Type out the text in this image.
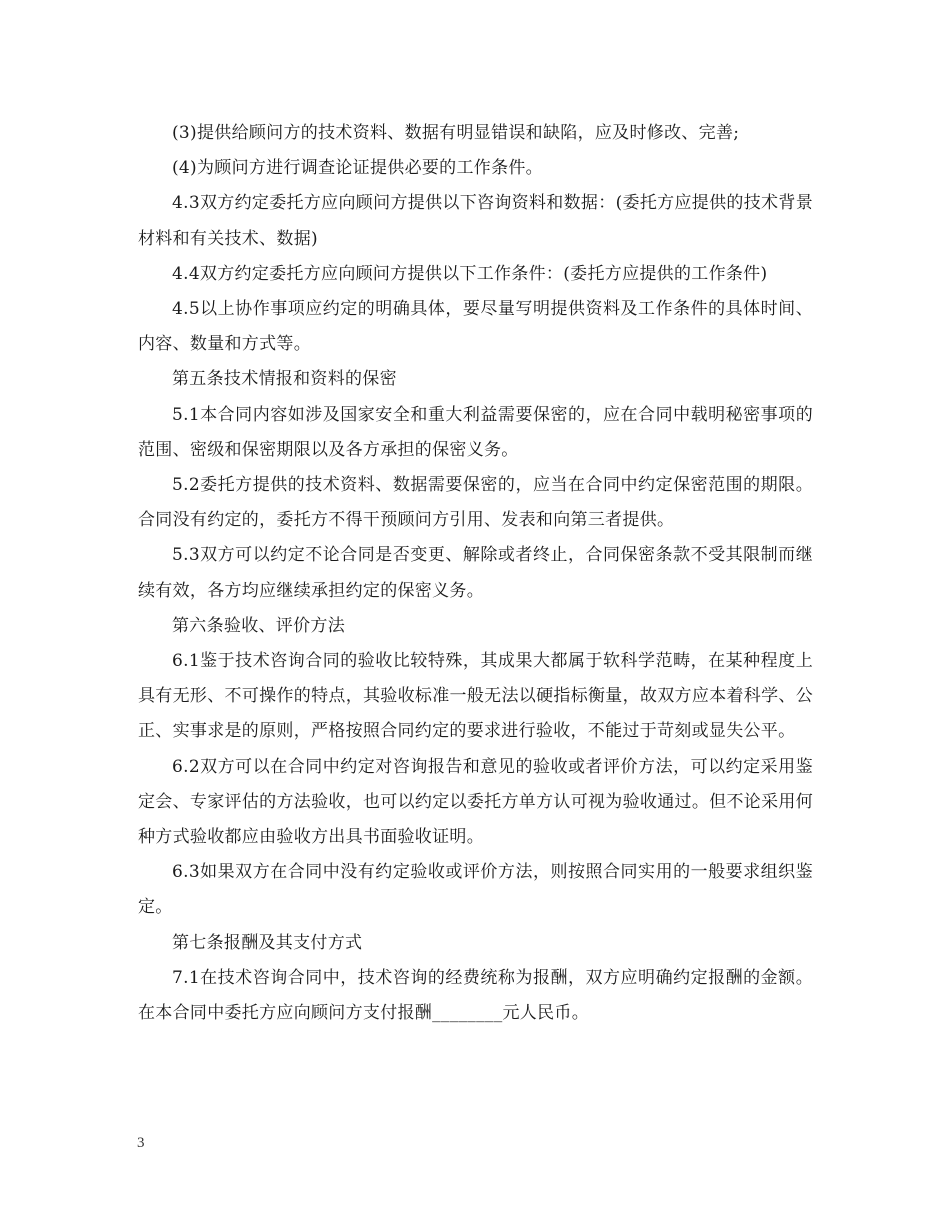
(3)提供给顾问方的技术资料、数据有明显错误和缺陷，应及时修改、完善;

(4)为顾问方进行调查论证提供必要的工作条件。

4.3双方约定委托方应向顾问方提供以下咨询资料和数据：(委托方应提供的技术背景材料和有关技术、数据)

4.4双方约定委托方应向顾问方提供以下工作条件：(委托方应提供的工作条件)

4.5以上协作事项应约定的明确具体，要尽量写明提供资料及工作条件的具体时间、内容、数量和方式等。

第五条技术情报和资料的保密

5.1本合同内容如涉及国家安全和重大利益需要保密的，应在合同中载明秘密事项的范围、密级和保密期限以及各方承担的保密义务。

5.2委托方提供的技术资料、数据需要保密的，应当在合同中约定保密范围的期限。合同没有约定的，委托方不得干预顾问方引用、发表和向第三者提供。

5.3双方可以约定不论合同是否变更、解除或者终止，合同保密条款不受其限制而继续有效，各方均应继续承担约定的保密义务。

第六条验收、评价方法

6.1鉴于技术咨询合同的验收比较特殊，其成果大都属于软科学范畴，在某种程度上具有无形、不可操作的特点，其验收标准一般无法以硬指标衡量，故双方应本着科学、公正、实事求是的原则，严格按照合同约定的要求进行验收，不能过于苛刻或显失公平。

6.2双方可以在合同中约定对咨询报告和意见的验收或者评价方法，可以约定采用鉴定会、专家评估的方法验收，也可以约定以委托方单方认可视为验收通过。但不论采用何种方式验收都应由验收方出具书面验收证明。

6.3如果双方在合同中没有约定验收或评价方法，则按照合同实用的一般要求组织鉴定。

第七条报酬及其支付方式

7.1在技术咨询合同中，技术咨询的经费统称为报酬，双方应明确约定报酬的金额。在本合同中委托方应向顾问方支付报酬________元人民币。

3
